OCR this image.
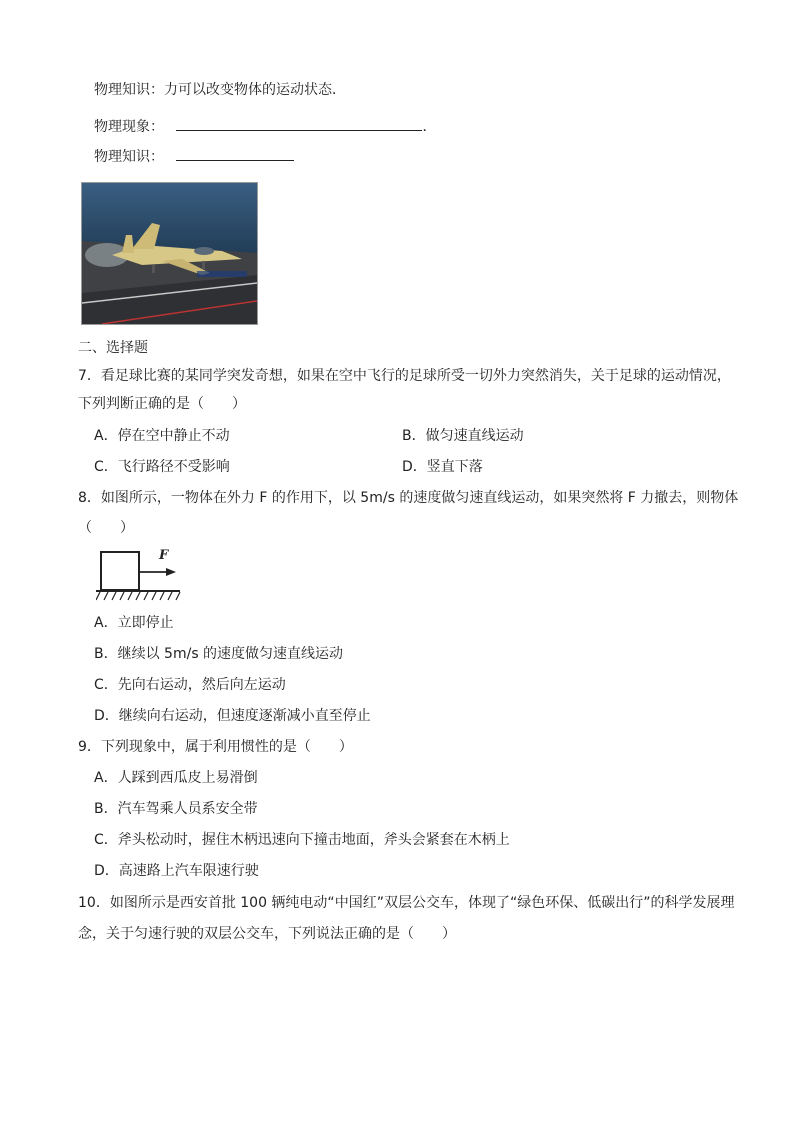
物理知识：力可以改变物体的运动状态．
物理现象：	．
物理知识：
二、选择题
7．看足球比赛的某同学突发奇想，如果在空中飞行的足球所受一切外力突然消失，关于足球的运动情况，
下列判断正确的是（　　）
A．停在空中静止不动	B．做匀速直线运动
C．飞行路径不受影响	D．竖直下落
8．如图所示，一物体在外力 F 的作用下，以 5m/s 的速度做匀速直线运动，如果突然将 F 力撤去，则物体
（　　）
F
A．立即停止
B．继续以 5m/s 的速度做匀速直线运动
C．先向右运动，然后向左运动
D．继续向右运动，但速度逐渐减小直至停止
9．下列现象中，属于利用惯性的是（　　）
A．人踩到西瓜皮上易滑倒
B．汽车驾乘人员系安全带
C．斧头松动时，握住木柄迅速向下撞击地面，斧头会紧套在木柄上
D．高速路上汽车限速行驶
10．如图所示是西安首批 100 辆纯电动“中国红”双层公交车，体现了“绿色环保、低碳出行”的科学发展理
念，关于匀速行驶的双层公交车，下列说法正确的是（　　）
